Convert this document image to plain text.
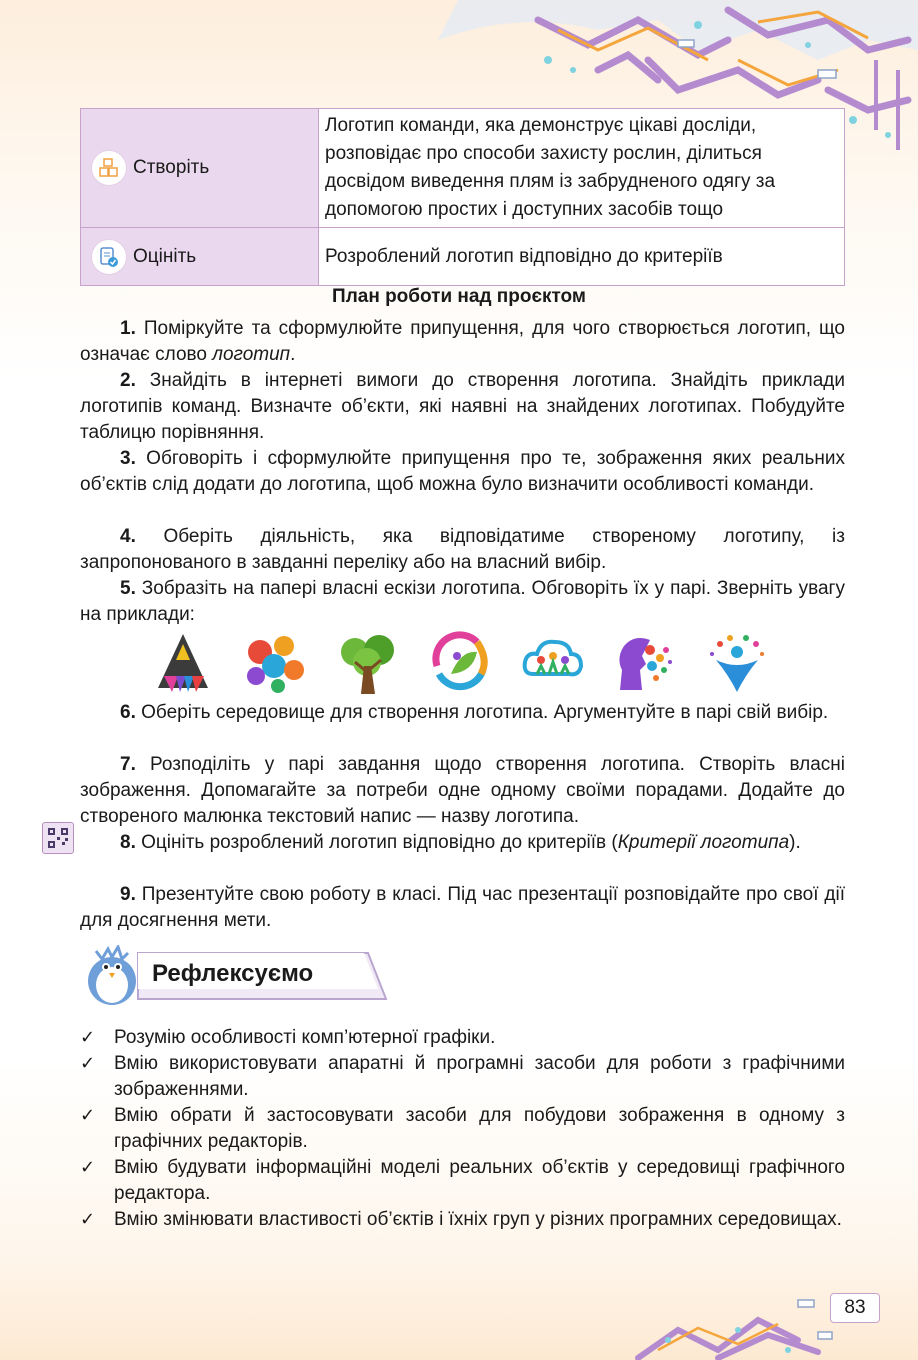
Створіть	Логотип команди, яка демонструє цікаві досліди, розповідає про способи захисту рослин, ділиться досвідом виведення плям із забрудненого одягу за допомогою простих і доступних засобів тощо

Оцініть	Розроблений логотип відповідно до критеріїв
План роботи над проєктом

1. Поміркуйте та сформулюйте припущення, для чого створюється логотип, що означає слово логотип.

2. Знайдіть в інтернеті вимоги до створення логотипа. Знайдіть приклади логотипів команд. Визначте об’єкти, які наявні на знайдених логотипах. Побудуйте таблицю порівняння.

3. Обговоріть і сформулюйте припущення про те, зображення яких реальних об’єктів слід додати до логотипа, щоб можна було визначити особливості команди.

4. Оберіть діяльність, яка відповідатиме створеному логотипу, із запропонованого в завданні переліку або на власний вибір.

5. Зобразіть на папері власні ескізи логотипа. Обговоріть їх у парі. Зверніть увагу на приклади:

6. Оберіть середовище для створення логотипа. Аргументуйте в парі свій вибір.

7. Розподіліть у парі завдання щодо створення логотипа. Створіть власні зображення. Допомагайте за потреби одне одному своїми порадами. Додайте до створеного малюнка текстовий напис — назву логотипа.

8. Оцініть розроблений логотип відповідно до критеріїв (Критерії логотипа).

9. Презентуйте свою роботу в класі. Під час презентації розповідайте про свої дії для досягнення мети.

Рефлексуємо
✓ Розумію особливості комп’ютерної графіки.
✓ Вмію використовувати апаратні й програмні засоби для роботи з графічними зображеннями.
✓ Вмію обрати й застосовувати засоби для побудови зображення в одному з графічних редакторів.
✓ Вмію будувати інформаційні моделі реальних об’єктів у середовищі графічного редактора.
✓ Вмію змінювати властивості об’єктів і їхніх груп у різних програмних середовищах.
83
